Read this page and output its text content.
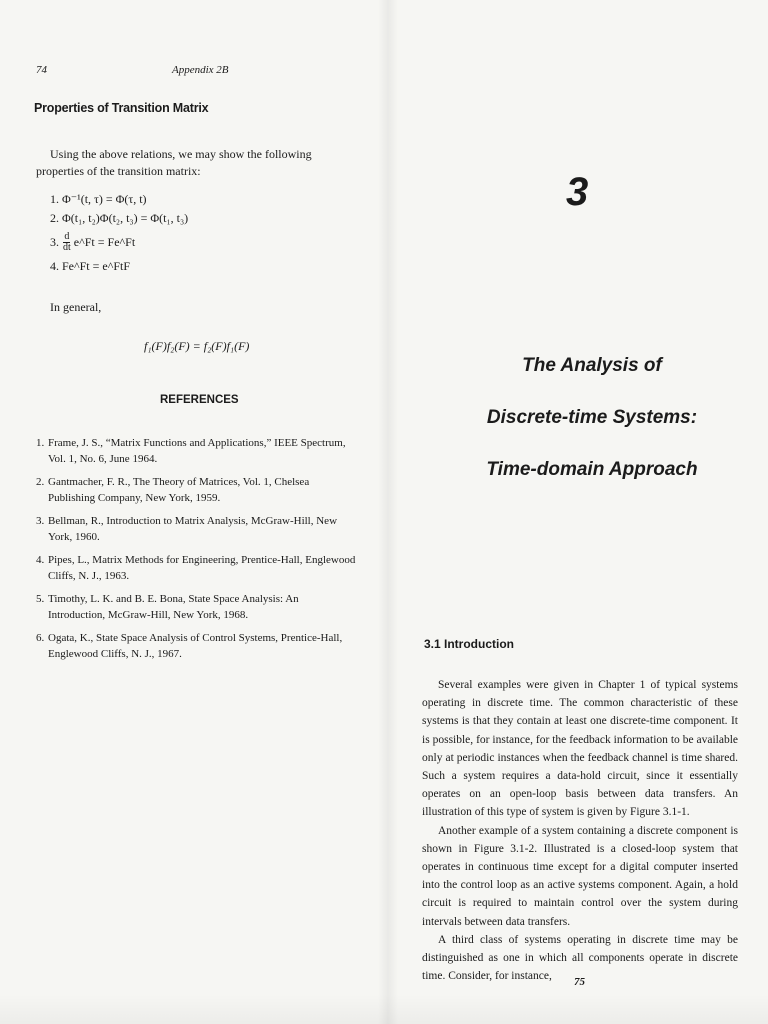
74	Appendix 2B
Properties of Transition Matrix
Using the above relations, we may show the following properties of the transition matrix:
1. Φ⁻¹(t, τ) = Φ(τ, t)
2. Φ(t₁, t₂)Φ(t₂, t₃) = Φ(t₁, t₃)
3. $\frac{d}{dt}$ e^Ft = Fe^Ft
4. Fe^Ft = e^FtF
In general,
f₁(F)f₂(F) = f₂(F)f₁(F)
REFERENCES
1. Frame, J. S., “Matrix Functions and Applications,” IEEE Spectrum, Vol. 1, No. 6, June 1964.
2. Gantmacher, F. R., The Theory of Matrices, Vol. 1, Chelsea Publishing Company, New York, 1959.
3. Bellman, R., Introduction to Matrix Analysis, McGraw-Hill, New York, 1960.
4. Pipes, L., Matrix Methods for Engineering, Prentice-Hall, Englewood Cliffs, N. J., 1963.
5. Timothy, L. K. and B. E. Bona, State Space Analysis: An Introduction, McGraw-Hill, New York, 1968.
6. Ogata, K., State Space Analysis of Control Systems, Prentice-Hall, Englewood Cliffs, N. J., 1967.
3
The Analysis of
Discrete-time Systems:
Time-domain Approach
3.1 Introduction

Several examples were given in Chapter 1 of typical systems operating in discrete time. The common characteristic of these systems is that they contain at least one discrete-time component. It is possible, for instance, for the feedback information to be available only at periodic instances when the feedback channel is time shared. Such a system requires a data-hold circuit, since it essentially operates on an open-loop basis between data transfers. An illustration of this type of system is given by Figure 3.1-1.

Another example of a system containing a discrete component is shown in Figure 3.1-2. Illustrated is a closed-loop system that operates in continuous time except for a digital computer inserted into the control loop as an active systems component. Again, a hold circuit is required to maintain control over the system during intervals between data transfers.

A third class of systems operating in discrete time may be distinguished as one in which all components operate in discrete time. Consider, for instance,	75
